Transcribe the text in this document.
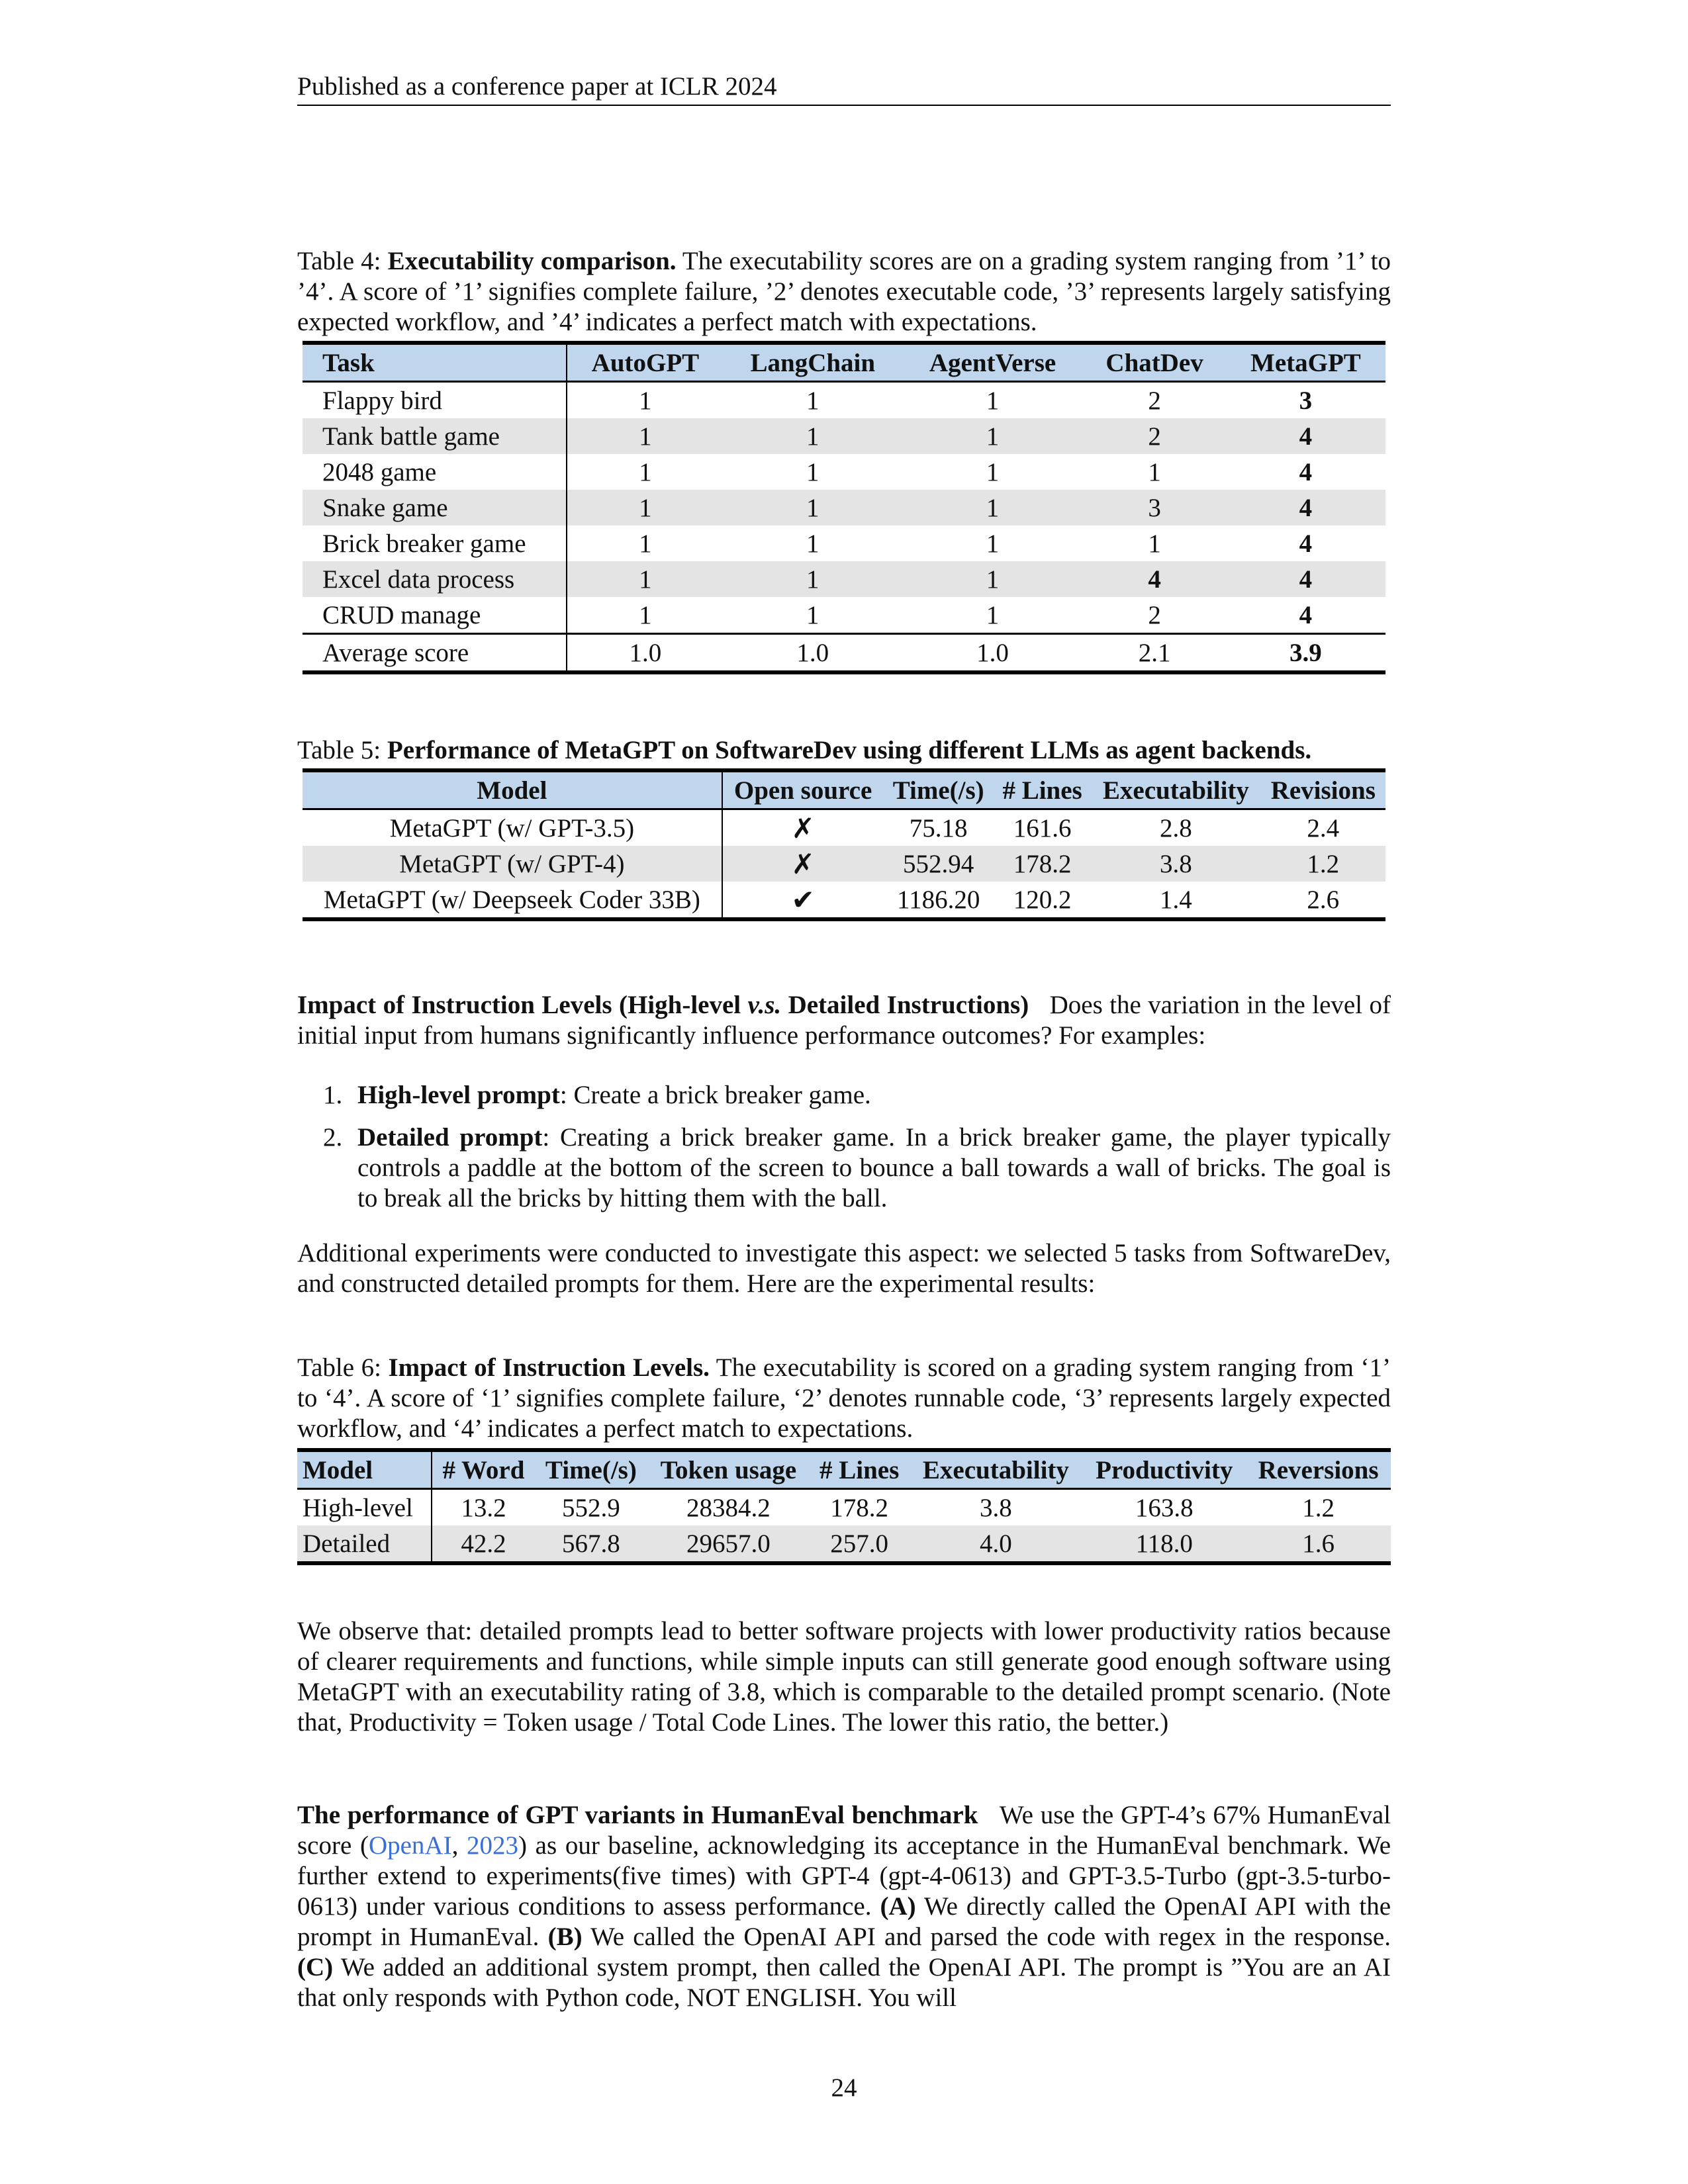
Published as a conference paper at ICLR 2024
Table 4: Executability comparison. The executability scores are on a grading system ranging from ’1’ to ’4’. A score of ’1’ signifies complete failure, ’2’ denotes executable code, ’3’ represents largely satisfying expected workflow, and ’4’ indicates a perfect match with expectations.
Task	AutoGPT	LangChain	AgentVerse	ChatDev	MetaGPT
Flappy bird	1	1	1	2	3
Tank battle game	1	1	1	2	4
2048 game	1	1	1	1	4
Snake game	1	1	1	3	4
Brick breaker game	1	1	1	1	4
Excel data process	1	1	1	4	4
CRUD manage	1	1	1	2	4
Average score	1.0	1.0	1.0	2.1	3.9
Table 5: Performance of MetaGPT on SoftwareDev using different LLMs as agent backends.
Model	Open source	Time(/s)	# Lines	Executability	Revisions
MetaGPT (w/ GPT-3.5)	✗	75.18	161.6	2.8	2.4
MetaGPT (w/ GPT-4)	✗	552.94	178.2	3.8	1.2
MetaGPT (w/ Deepseek Coder 33B)	✔	1186.20	120.2	1.4	2.6
Impact of Instruction Levels (High-level v.s. Detailed Instructions) Does the variation in the level of initial input from humans significantly influence performance outcomes? For examples:
1. High-level prompt: Create a brick breaker game.
2. Detailed prompt: Creating a brick breaker game. In a brick breaker game, the player typically controls a paddle at the bottom of the screen to bounce a ball towards a wall of bricks. The goal is to break all the bricks by hitting them with the ball.
Additional experiments were conducted to investigate this aspect: we selected 5 tasks from SoftwareDev, and constructed detailed prompts for them. Here are the experimental results:
Table 6: Impact of Instruction Levels. The executability is scored on a grading system ranging from ‘1’ to ‘4’. A score of ‘1’ signifies complete failure, ‘2’ denotes runnable code, ‘3’ represents largely expected workflow, and ‘4’ indicates a perfect match to expectations.
Model	# Word	Time(/s)	Token usage	# Lines	Executability	Productivity	Reversions
High-level	13.2	552.9	28384.2	178.2	3.8	163.8	1.2
Detailed	42.2	567.8	29657.0	257.0	4.0	118.0	1.6
We observe that: detailed prompts lead to better software projects with lower productivity ratios because of clearer requirements and functions, while simple inputs can still generate good enough software using MetaGPT with an executability rating of 3.8, which is comparable to the detailed prompt scenario. (Note that, Productivity = Token usage / Total Code Lines. The lower this ratio, the better.)
The performance of GPT variants in HumanEval benchmark We use the GPT-4’s 67% HumanEval score (OpenAI, 2023) as our baseline, acknowledging its acceptance in the HumanEval benchmark. We further extend to experiments(five times) with GPT-4 (gpt-4-0613) and GPT-3.5-Turbo (gpt-3.5-turbo-0613) under various conditions to assess performance. (A) We directly called the OpenAI API with the prompt in HumanEval. (B) We called the OpenAI API and parsed the code with regex in the response. (C) We added an additional system prompt, then called the OpenAI API. The prompt is ”You are an AI that only responds with Python code, NOT ENGLISH. You will
24
